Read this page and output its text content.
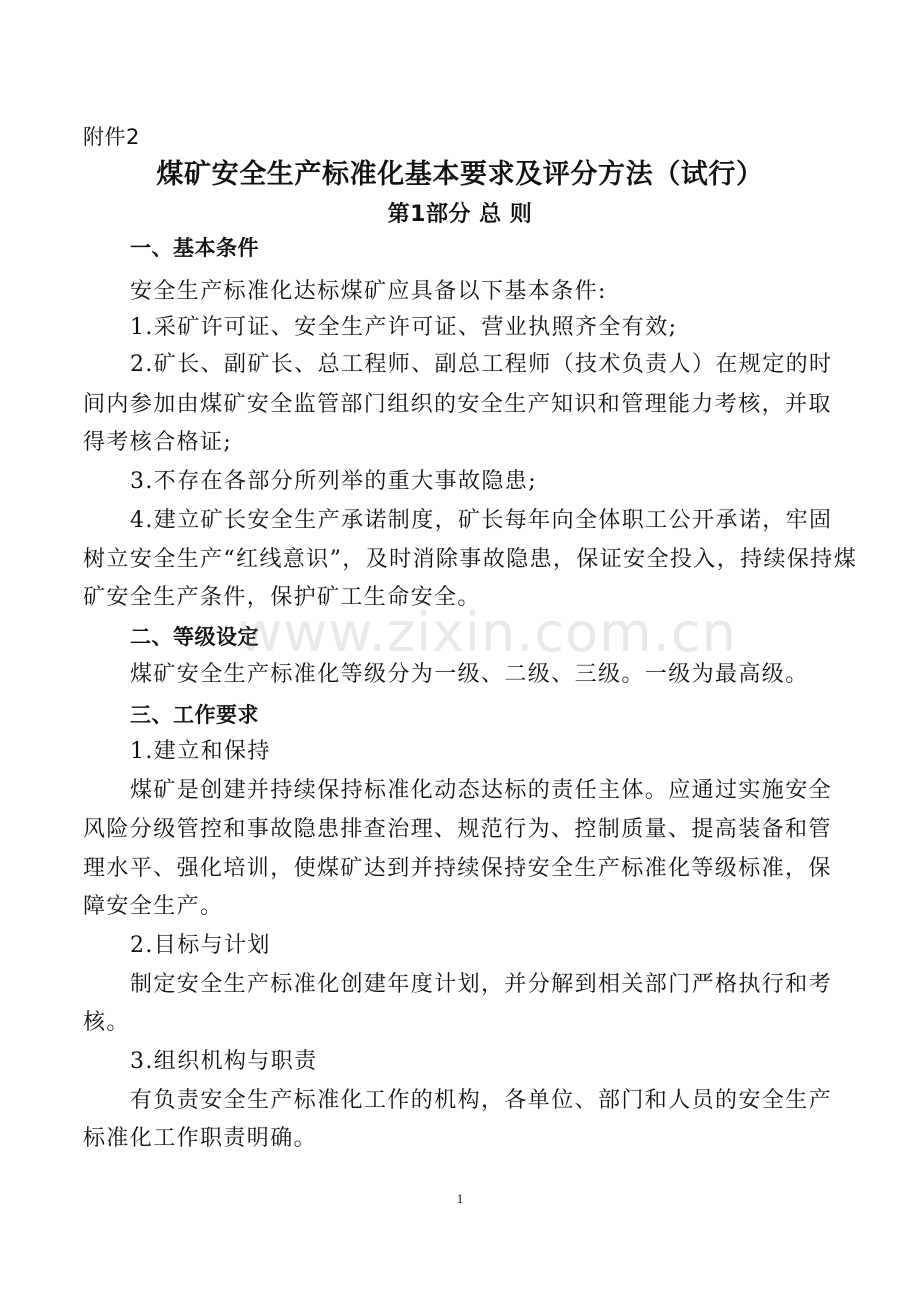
附件2
煤矿安全生产标准化基本要求及评分方法（试行）
第1部分 总 则
一、基本条件
安全生产标准化达标煤矿应具备以下基本条件:
1.采矿许可证、安全生产许可证、营业执照齐全有效;
2.矿长、副矿长、总工程师、副总工程师（技术负责人）在规定的时
间内参加由煤矿安全监管部门组织的安全生产知识和管理能力考核，并取
得考核合格证;
3.不存在各部分所列举的重大事故隐患;
4.建立矿长安全生产承诺制度，矿长每年向全体职工公开承诺，牢固
树立安全生产“红线意识”，及时消除事故隐患，保证安全投入，持续保持煤
矿安全生产条件，保护矿工生命安全。
二、等级设定
煤矿安全生产标准化等级分为一级、二级、三级。一级为最高级。
三、工作要求
1.建立和保持
煤矿是创建并持续保持标准化动态达标的责任主体。应通过实施安全
风险分级管控和事故隐患排查治理、规范行为、控制质量、提高装备和管
理水平、强化培训，使煤矿达到并持续保持安全生产标准化等级标准，保
障安全生产。
2.目标与计划
制定安全生产标准化创建年度计划，并分解到相关部门严格执行和考
核。
3.组织机构与职责
有负责安全生产标准化工作的机构，各单位、部门和人员的安全生产
标准化工作职责明确。
www.zixin.com.cn
1
